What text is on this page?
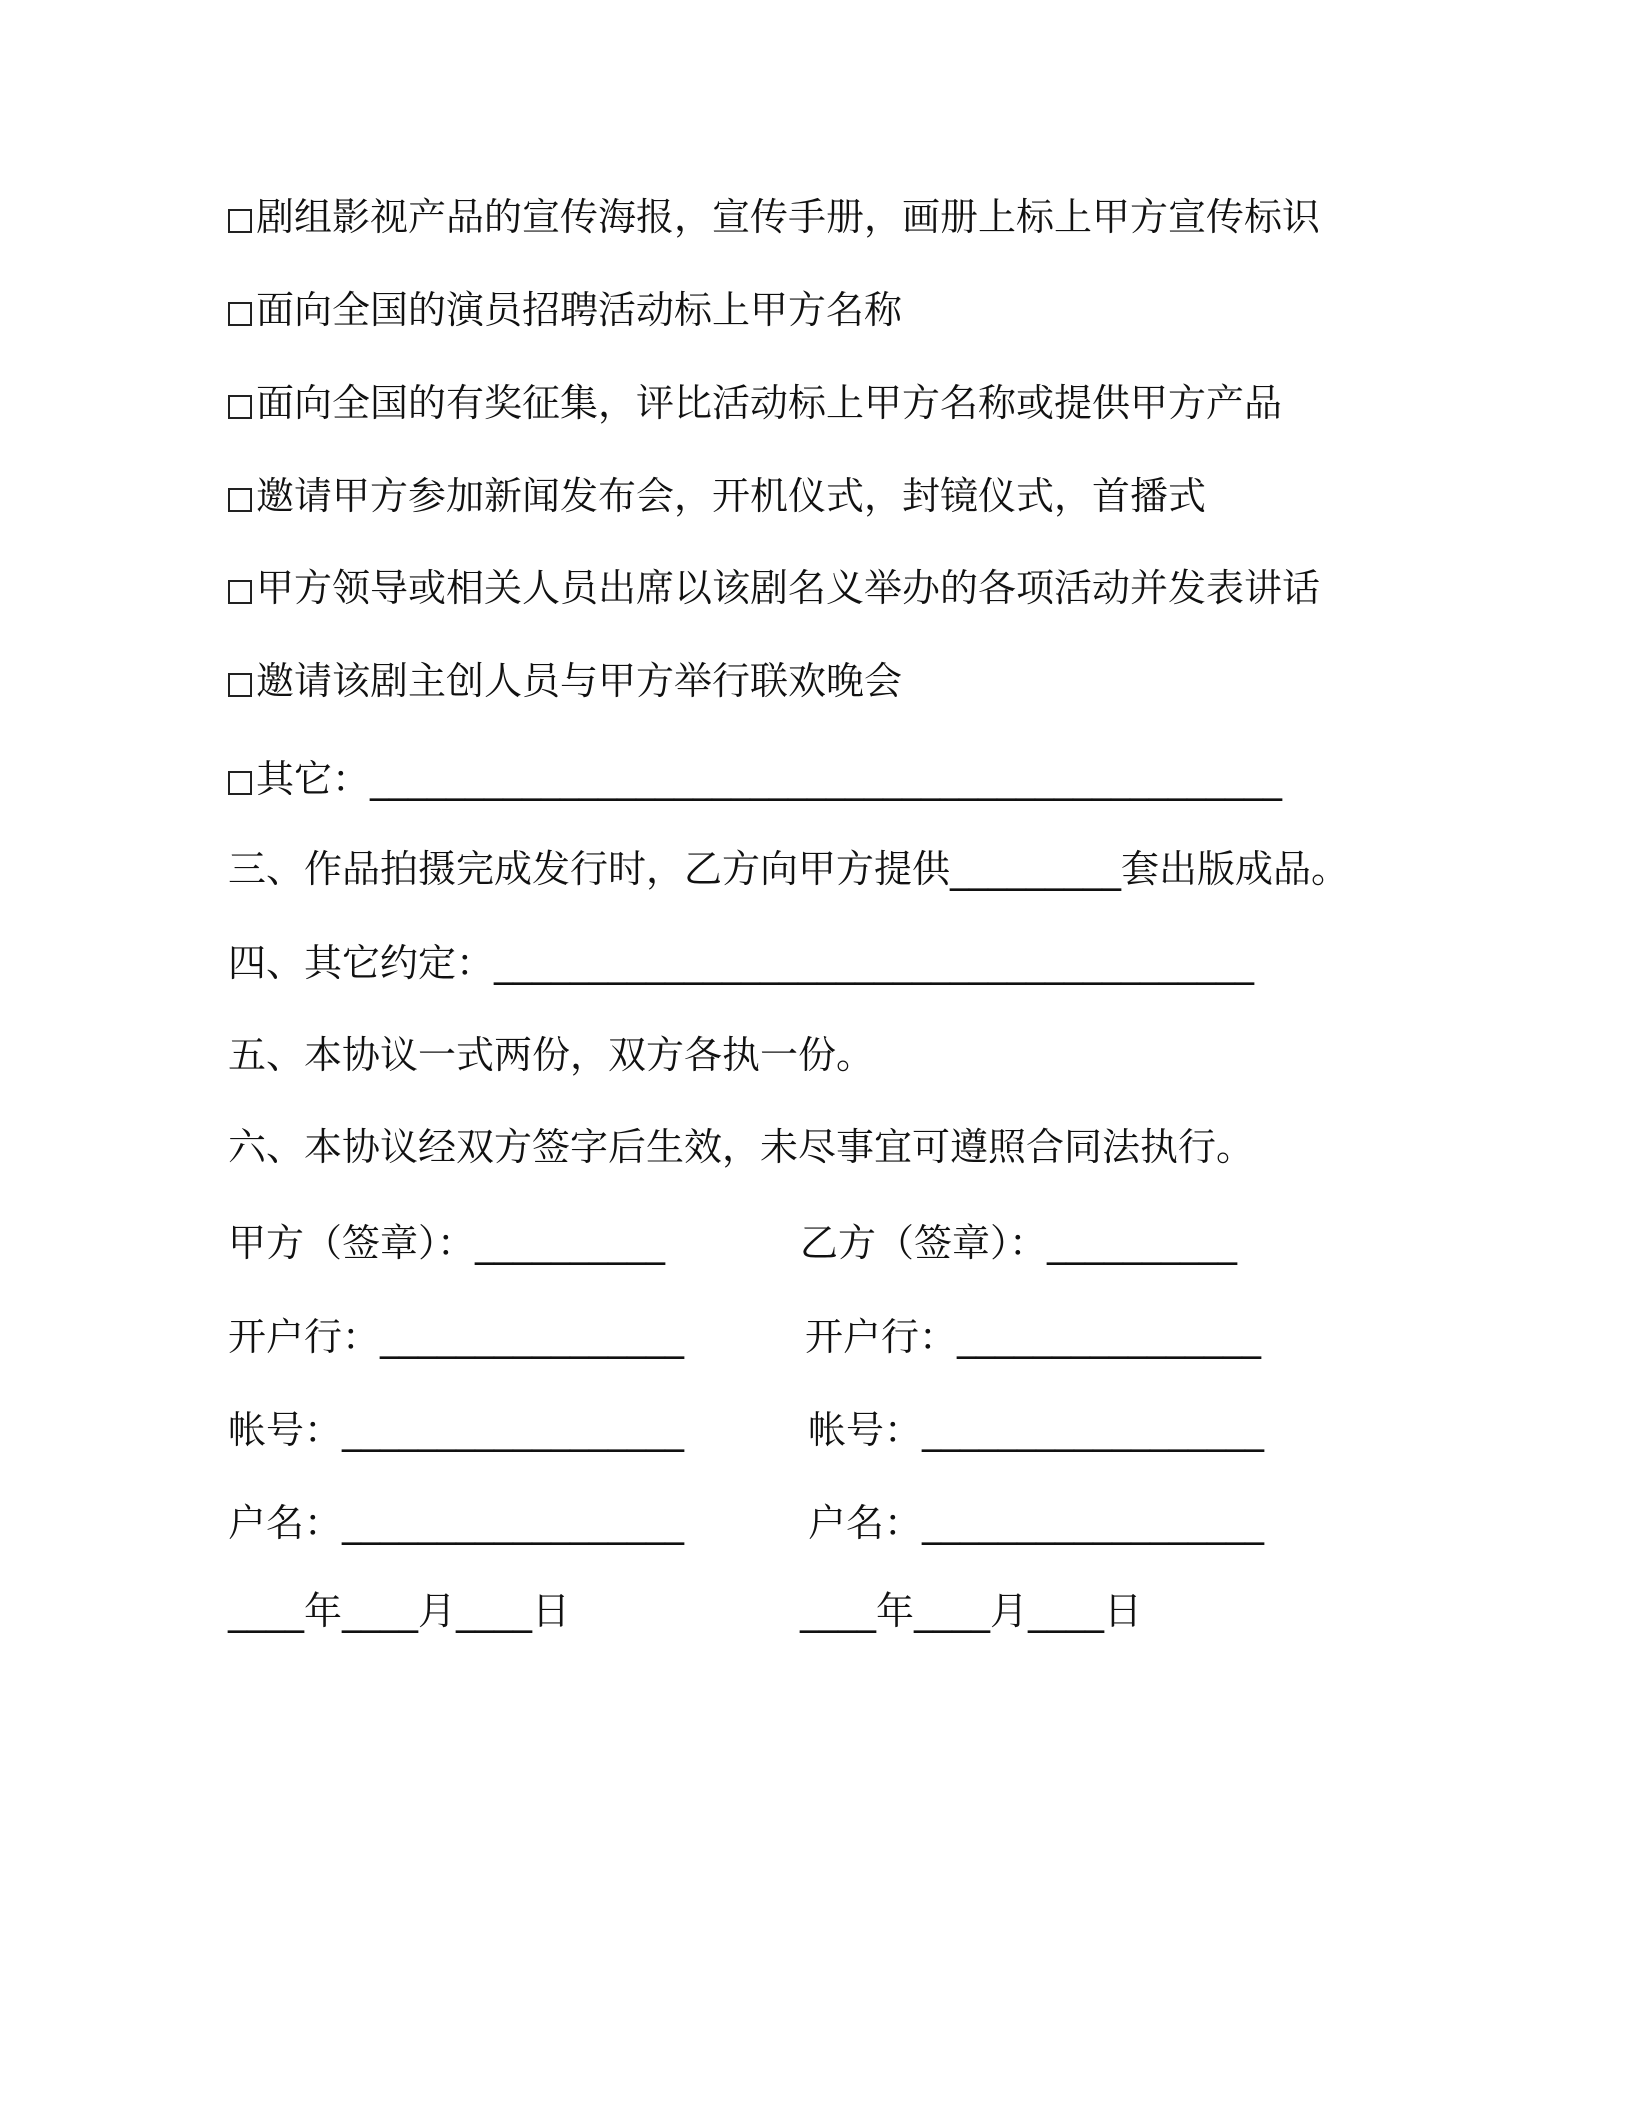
剧组影视产品的宣传海报，宣传手册，画册上标上甲方宣传标识
面向全国的演员招聘活动标上甲方名称
面向全国的有奖征集，评比活动标上甲方名称或提供甲方产品
邀请甲方参加新闻发布会，开机仪式，封镜仪式，首播式
甲方领导或相关人员出席以该剧名义举办的各项活动并发表讲话
邀请该剧主创人员与甲方举行联欢晚会
其它：________________________________________________
三、作品拍摄完成发行时，乙方向甲方提供_________套出版成品。
四、其它约定：________________________________________
五、本协议一式两份，双方各执一份。
六、本协议经双方签字后生效，未尽事宜可遵照合同法执行。
甲方（签章）：__________	乙方（签章）：__________
开户行：________________	开户行：________________
帐号：__________________	帐号：__________________
户名：__________________	户名：__________________
____年____月____日	____年____月____日
